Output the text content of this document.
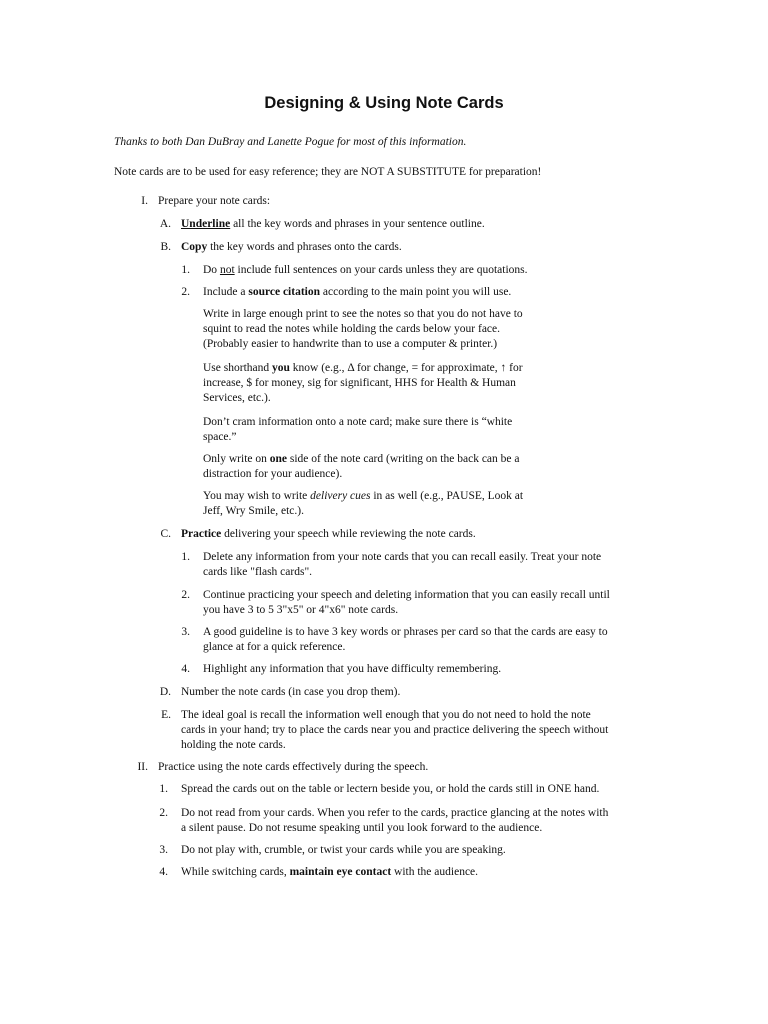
Designing & Using Note Cards
Thanks to both Dan DuBray and Lanette Pogue for most of this information.
Note cards are to be used for easy reference; they are NOT A SUBSTITUTE for preparation!
I. Prepare your note cards:
A. Underline all the key words and phrases in your sentence outline.
B. Copy the key words and phrases onto the cards.
1. Do not include full sentences on your cards unless they are quotations.
2. Include a source citation according to the main point you will use.
Write in large enough print to see the notes so that you do not have to
squint to read the notes while holding the cards below your face.
(Probably easier to handwrite than to use a computer & printer.)
Use shorthand you know (e.g., Δ for change, = for approximate, ↑ for
increase, $ for money, sig for significant, HHS for Health & Human
Services, etc.).
Don’t cram information onto a note card; make sure there is “white
space.”
Only write on one side of the note card (writing on the back can be a
distraction for your audience).
You may wish to write delivery cues in as well (e.g., PAUSE, Look at
Jeff, Wry Smile, etc.).
C. Practice delivering your speech while reviewing the note cards.
1. Delete any information from your note cards that you can recall easily. Treat your note
cards like "flash cards".
2. Continue practicing your speech and deleting information that you can easily recall until
you have 3 to 5 3"x5" or 4"x6" note cards.
3. A good guideline is to have 3 key words or phrases per card so that the cards are easy to
glance at for a quick reference.
4. Highlight any information that you have difficulty remembering.
D. Number the note cards (in case you drop them).
E. The ideal goal is recall the information well enough that you do not need to hold the note
cards in your hand; try to place the cards near you and practice delivering the speech without
holding the note cards.
II. Practice using the note cards effectively during the speech.
1. Spread the cards out on the table or lectern beside you, or hold the cards still in ONE hand.
2. Do not read from your cards. When you refer to the cards, practice glancing at the notes with
a silent pause. Do not resume speaking until you look forward to the audience.
3. Do not play with, crumble, or twist your cards while you are speaking.
4. While switching cards, maintain eye contact with the audience.
